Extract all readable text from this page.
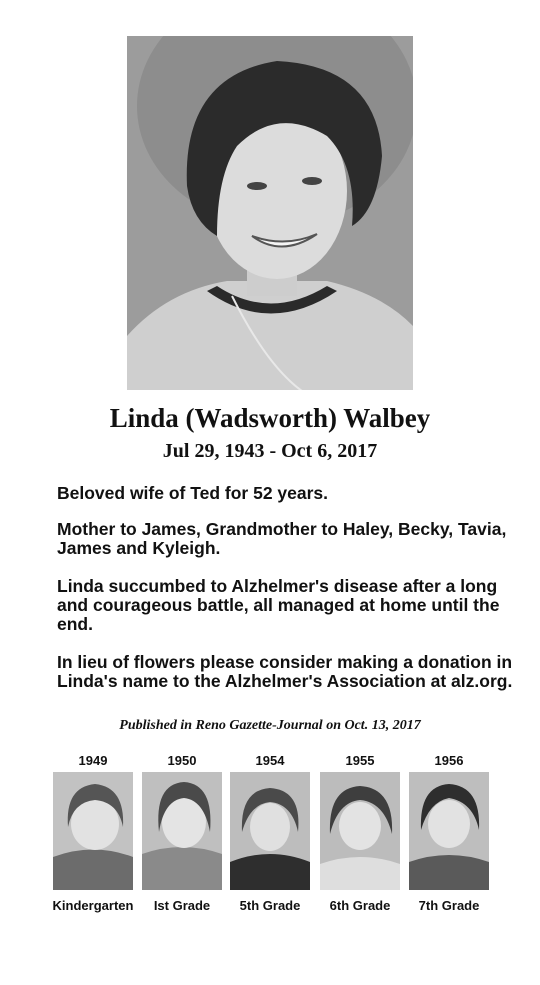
Linda (Wadsworth) Walbey
Jul 29, 1943 - Oct 6, 2017

Beloved wife of Ted for 52 years.

Mother to James, Grandmother to Haley, Becky, Tavia, James and Kyleigh.

Linda succumbed to Alzhelmer's disease after a long and courageous battle, all managed at home until the end.

In lieu of flowers please consider making a donation in Linda's name to the Alzhelmer's Association at alz.org.

Published in Reno Gazette-Journal on Oct. 13, 2017
1949
Kindergarten
1950
Ist Grade
1954
5th Grade
1955
6th Grade
1956
7th Grade
